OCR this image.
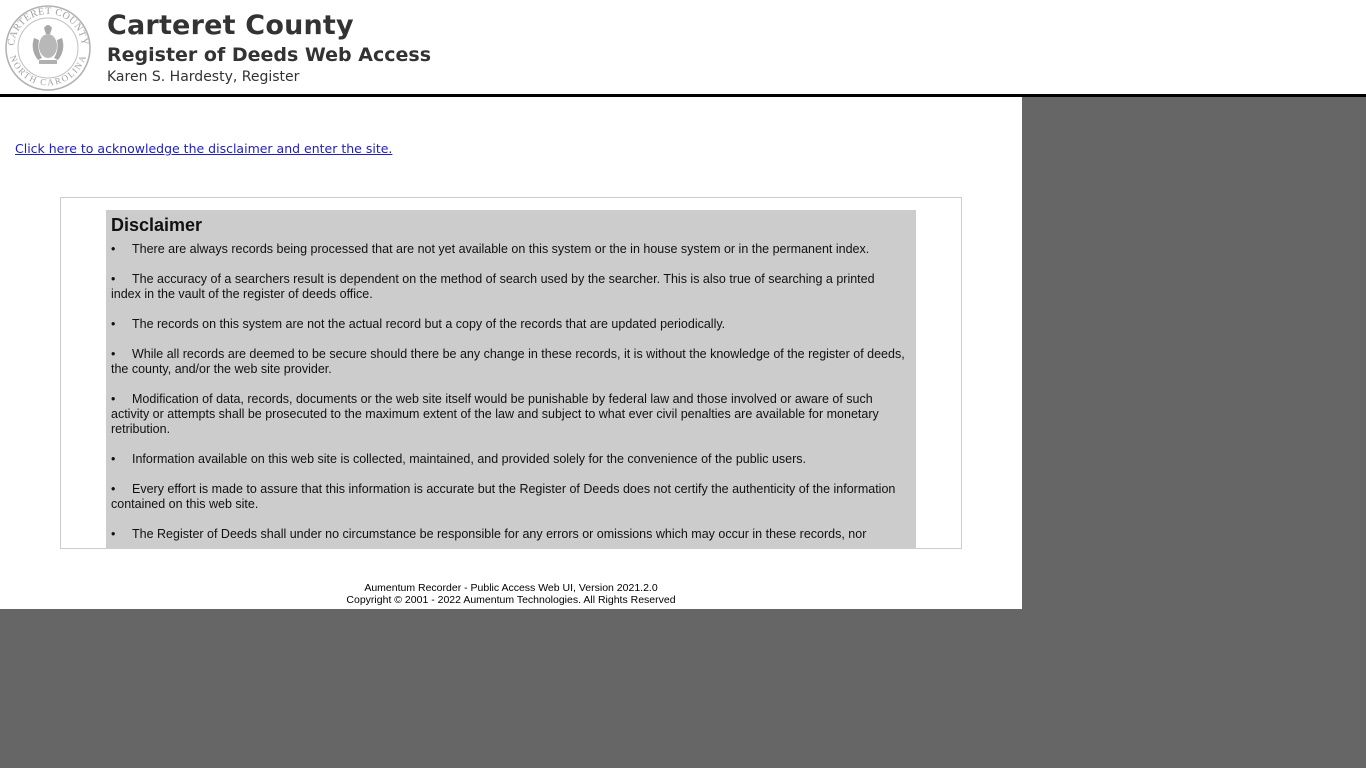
CARTERET COUNTY
NORTH CAROLINA
Carteret County
Register of Deeds Web Access
Karen S. Hardesty, Register
Click here to acknowledge the disclaimer and enter the site.
Disclaimer
• There are always records being processed that are not yet available on this system or the in house system or in the permanent index.
• The accuracy of a searchers result is dependent on the method of search used by the searcher. This is also true of searching a printed index in the vault of the register of deeds office.
• The records on this system are not the actual record but a copy of the records that are updated periodically.
• While all records are deemed to be secure should there be any change in these records, it is without the knowledge of the register of deeds, the county, and/or the web site provider.
• Modification of data, records, documents or the web site itself would be punishable by federal law and those involved or aware of such activity or attempts shall be prosecuted to the maximum extent of the law and subject to what ever civil penalties are available for monetary retribution.
• Information available on this web site is collected, maintained, and provided solely for the convenience of the public users.
• Every effort is made to assure that this information is accurate but the Register of Deeds does not certify the authenticity of the information contained on this web site.
• The Register of Deeds shall under no circumstance be responsible for any errors or omissions which may occur in these records, nor
Aumentum Recorder - Public Access Web UI, Version 2021.2.0
Copyright © 2001 - 2022 Aumentum Technologies. All Rights Reserved
